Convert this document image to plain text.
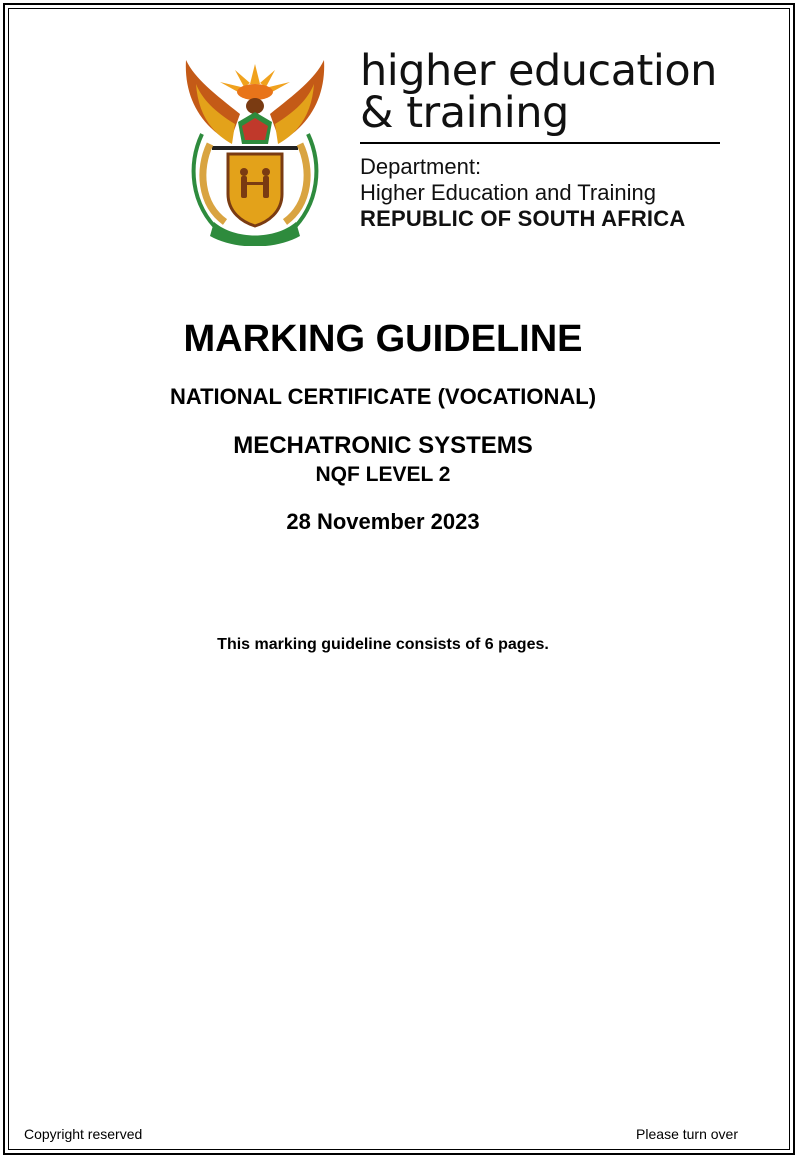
higher education
& training
Department:
Higher Education and Training
REPUBLIC OF SOUTH AFRICA
MARKING GUIDELINE
NATIONAL CERTIFICATE (VOCATIONAL)
MECHATRONIC SYSTEMS
NQF LEVEL 2
28 November 2023
This marking guideline consists of 6 pages.
Copyright reserved	Please turn over
